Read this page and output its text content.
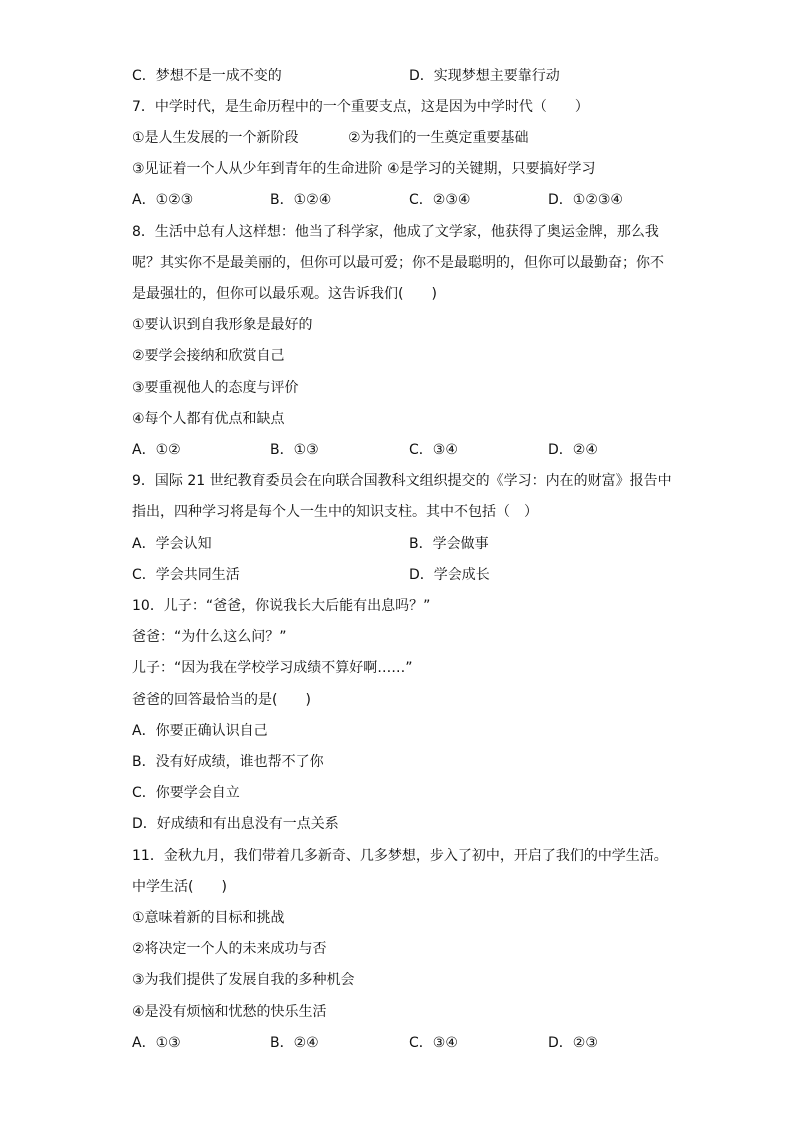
C．梦想不是一成不变的	D．实现梦想主要靠行动
7．中学时代，是生命历程中的一个重要支点，这是因为中学时代（　　）
①是人生发展的一个新阶段	②为我们的一生奠定重要基础
③见证着一个人从少年到青年的生命进阶 ④是学习的关键期，只要搞好学习
A．①②③	B．①②④	C．②③④	D．①②③④
8．生活中总有人这样想：他当了科学家，他成了文学家，他获得了奥运金牌，那么我
呢？其实你不是最美丽的，但你可以最可爱；你不是最聪明的，但你可以最勤奋；你不
是最强壮的，但你可以最乐观。这告诉我们(　　)
①要认识到自我形象是最好的
②要学会接纳和欣赏自己
③要重视他人的态度与评价
④每个人都有优点和缺点
A．①②	B．①③	C．③④	D．②④
9．国际 21 世纪教育委员会在向联合国教科文组织提交的《学习：内在的财富》报告中
指出，四种学习将是每个人一生中的知识支柱。其中不包括（　）
A．学会认知	B．学会做事
C．学会共同生活	D．学会成长
10．儿子：“爸爸，你说我长大后能有出息吗？”
爸爸：“为什么这么问？”
儿子：“因为我在学校学习成绩不算好啊……”
爸爸的回答最恰当的是(　　)
A．你要正确认识自己
B．没有好成绩，谁也帮不了你
C．你要学会自立
D．好成绩和有出息没有一点关系
11．金秋九月，我们带着几多新奇、几多梦想，步入了初中，开启了我们的中学生活。
中学生活(　　)
①意味着新的目标和挑战
②将决定一个人的未来成功与否
③为我们提供了发展自我的多种机会
④是没有烦恼和忧愁的快乐生活
A．①③	B．②④	C．③④	D．②③
